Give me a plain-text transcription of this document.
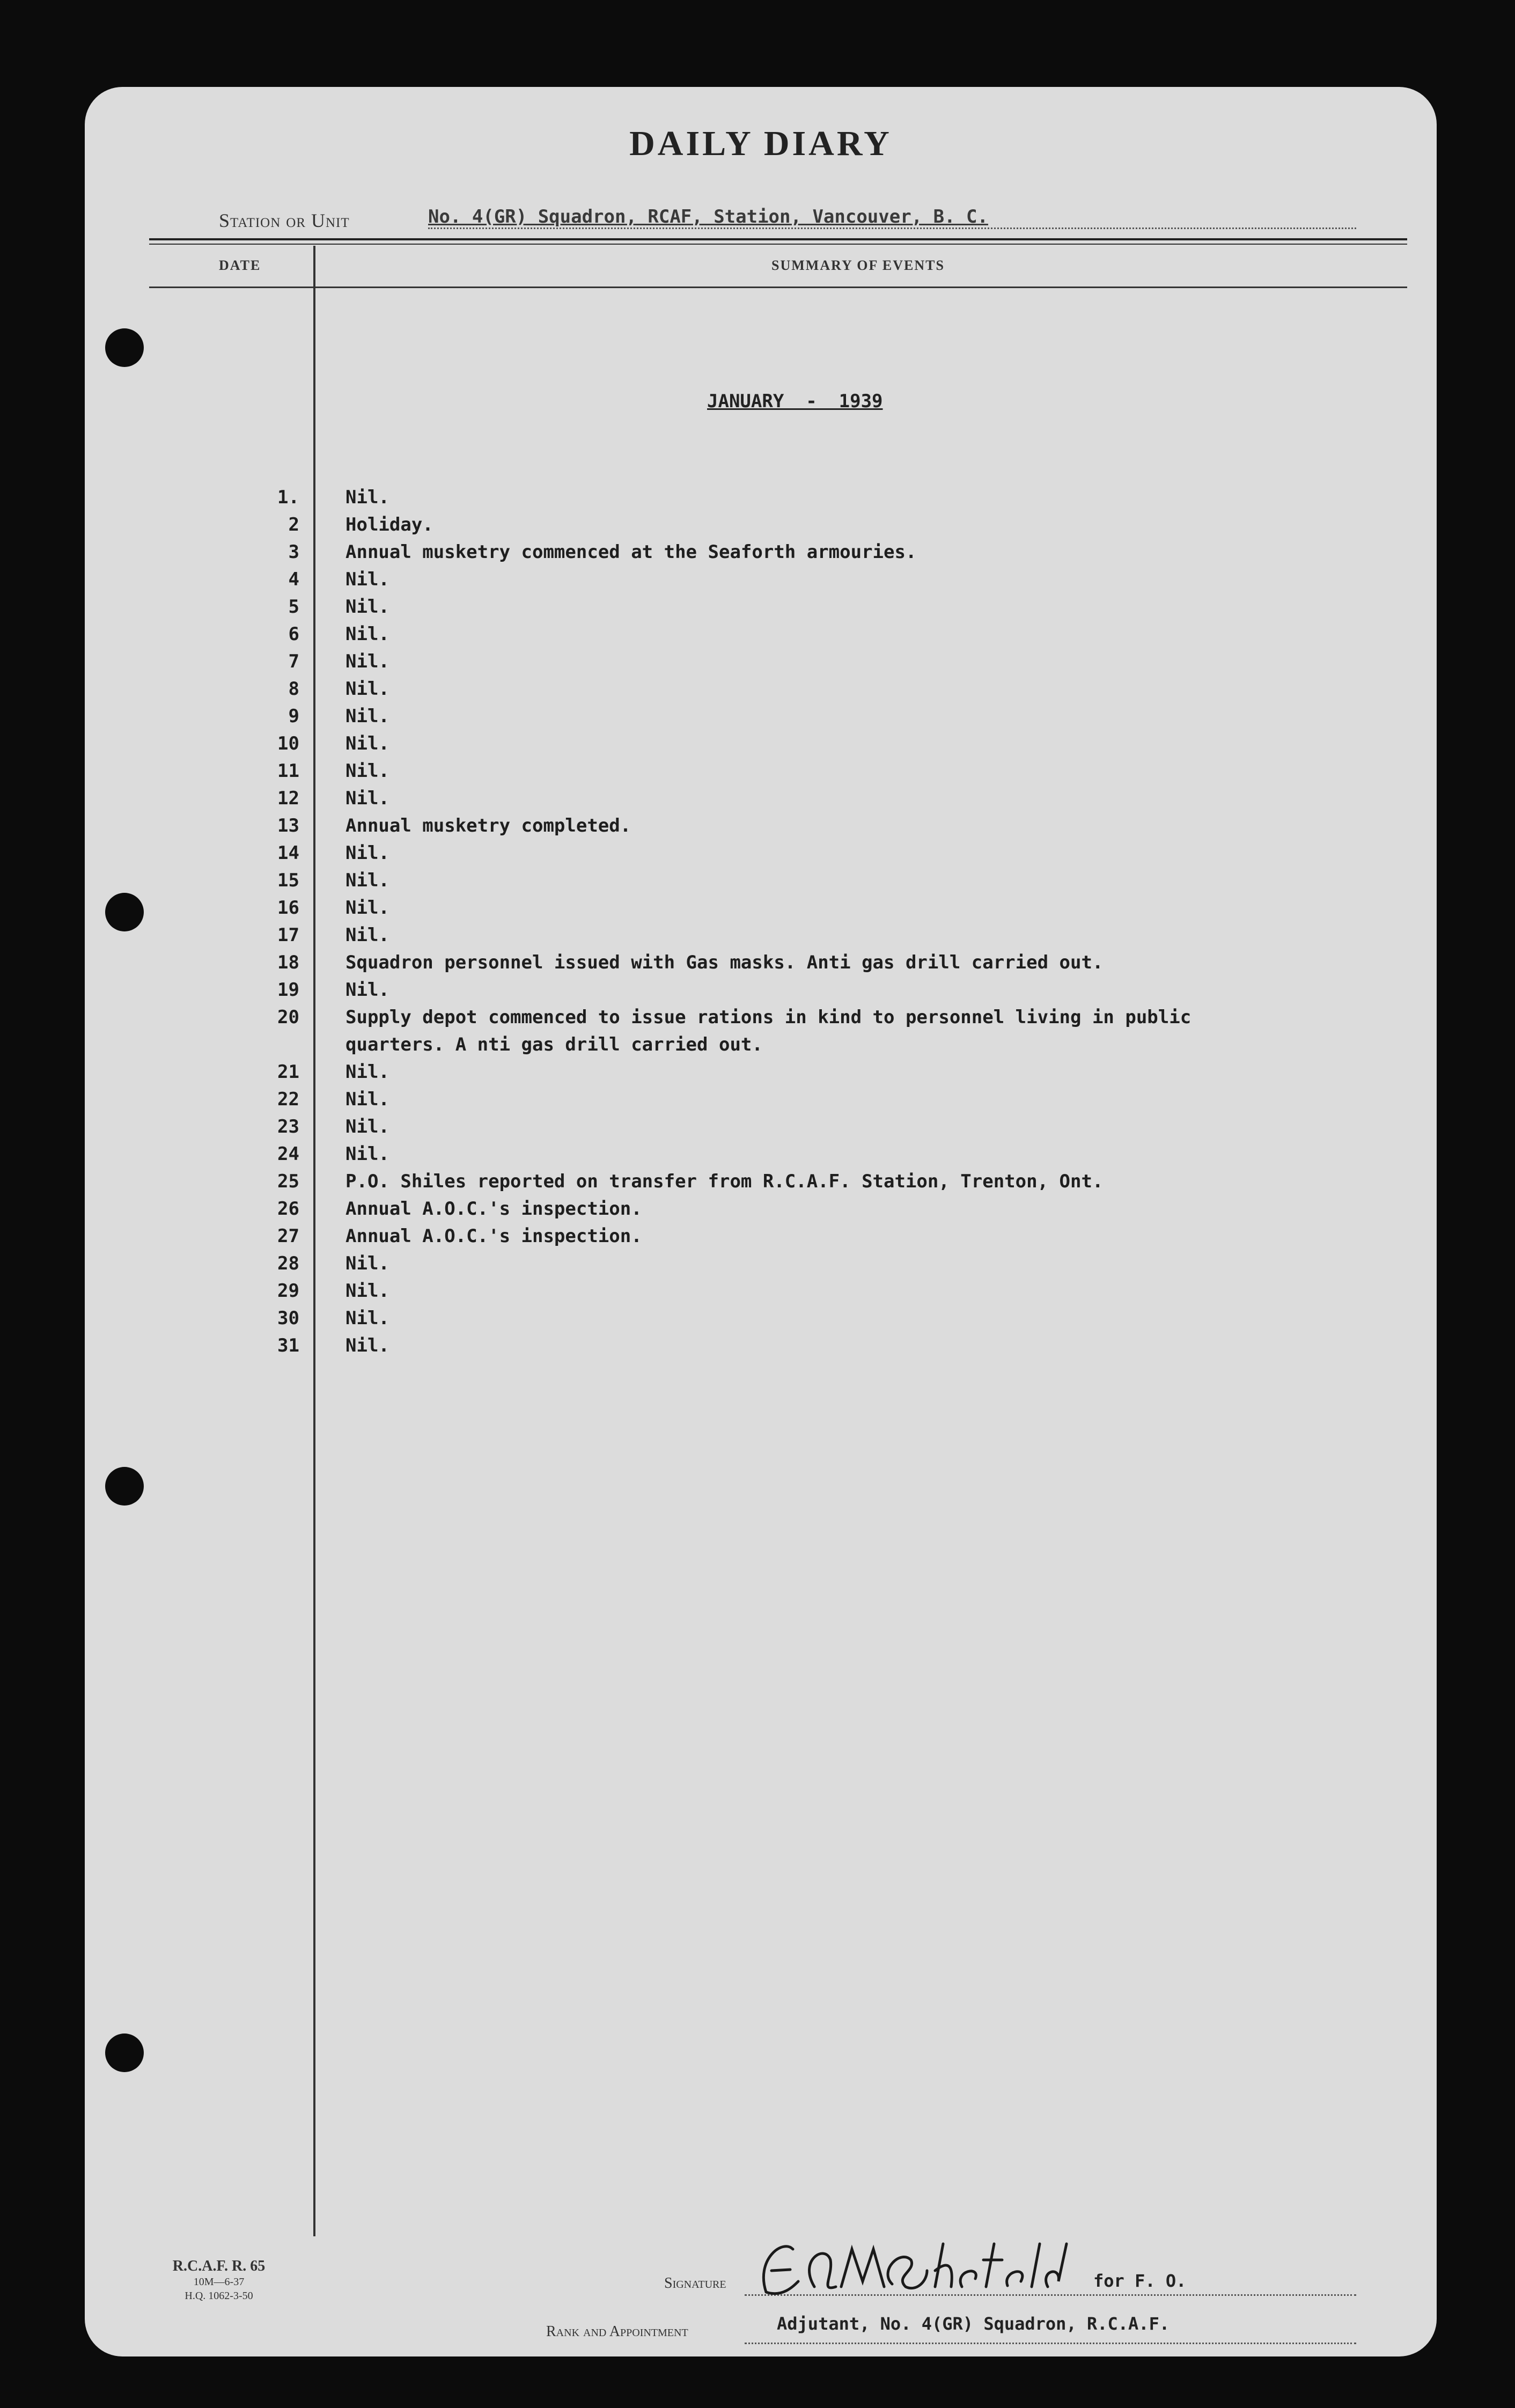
DAILY DIARY
Station or Unit	No. 4(GR) Squadron, RCAF, Station, Vancouver, B. C.
DATE	SUMMARY OF EVENTS
JANUARY  -  1939
1.	Nil.
2	Holiday.
3	Annual musketry commenced at the Seaforth armouries.
4	Nil.
5	Nil.
6	Nil.
7	Nil.
8	Nil.
9	Nil.
10	Nil.
11	Nil.
12	Nil.
13	Annual musketry completed.
14	Nil.
15	Nil.
16	Nil.
17	Nil.
18	Squadron personnel issued with Gas masks. Anti gas drill carried out.
19	Nil.
20	Supply depot commenced to issue rations in kind to personnel living in public quarters. A nti gas drill carried out.
21	Nil.
22	Nil.
23	Nil.
24	Nil.
25	P.O. Shiles reported on transfer from R.C.A.F. Station, Trenton, Ont.
26	Annual A.O.C.'s inspection.
27	Annual A.O.C.'s inspection.
28	Nil.
29	Nil.
30	Nil.
31	Nil.
R.C.A.F. R. 65
10M—6-37
H.Q. 1062-3-50
Signature	for F. O.
Rank and Appointment	Adjutant, No. 4(GR) Squadron, R.C.A.F.
